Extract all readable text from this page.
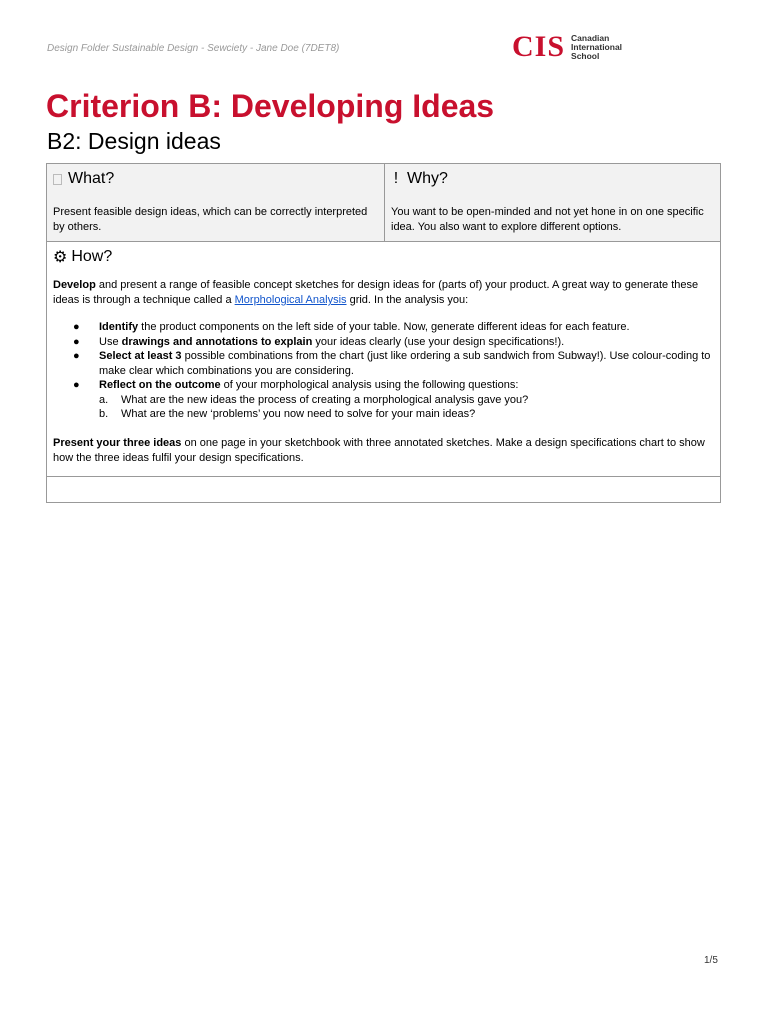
Design Folder Sustainable Design - Sewciety - Jane Doe (7DET8)	CIS Canadian
International
School
Criterion B: Developing Ideas
B2: Design ideas
What?
Present feasible design ideas, which can be correctly interpreted by others.
! Why?
You want to be open-minded and not yet hone in on one specific idea. You also want to explore different options.
⚙ How?

Develop and present a range of feasible concept sketches for design ideas for (parts of) your product. A great way to generate these ideas is through a technique called a Morphological Analysis grid. In the analysis you:

● Identify the product components on the left side of your table. Now, generate different ideas for each feature.
● Use drawings and annotations to explain your ideas clearly (use your design specifications!).
● Select at least 3 possible combinations from the chart (just like ordering a sub sandwich from Subway!). Use colour-coding to make clear which combinations you are considering.
● Reflect on the outcome of your morphological analysis using the following questions:
a. What are the new ideas the process of creating a morphological analysis gave you?
b. What are the new ‘problems’ you now need to solve for your main ideas?

Present your three ideas on one page in your sketchbook with three annotated sketches. Make a design specifications chart to show how the three ideas fulfil your design specifications.

1/5
